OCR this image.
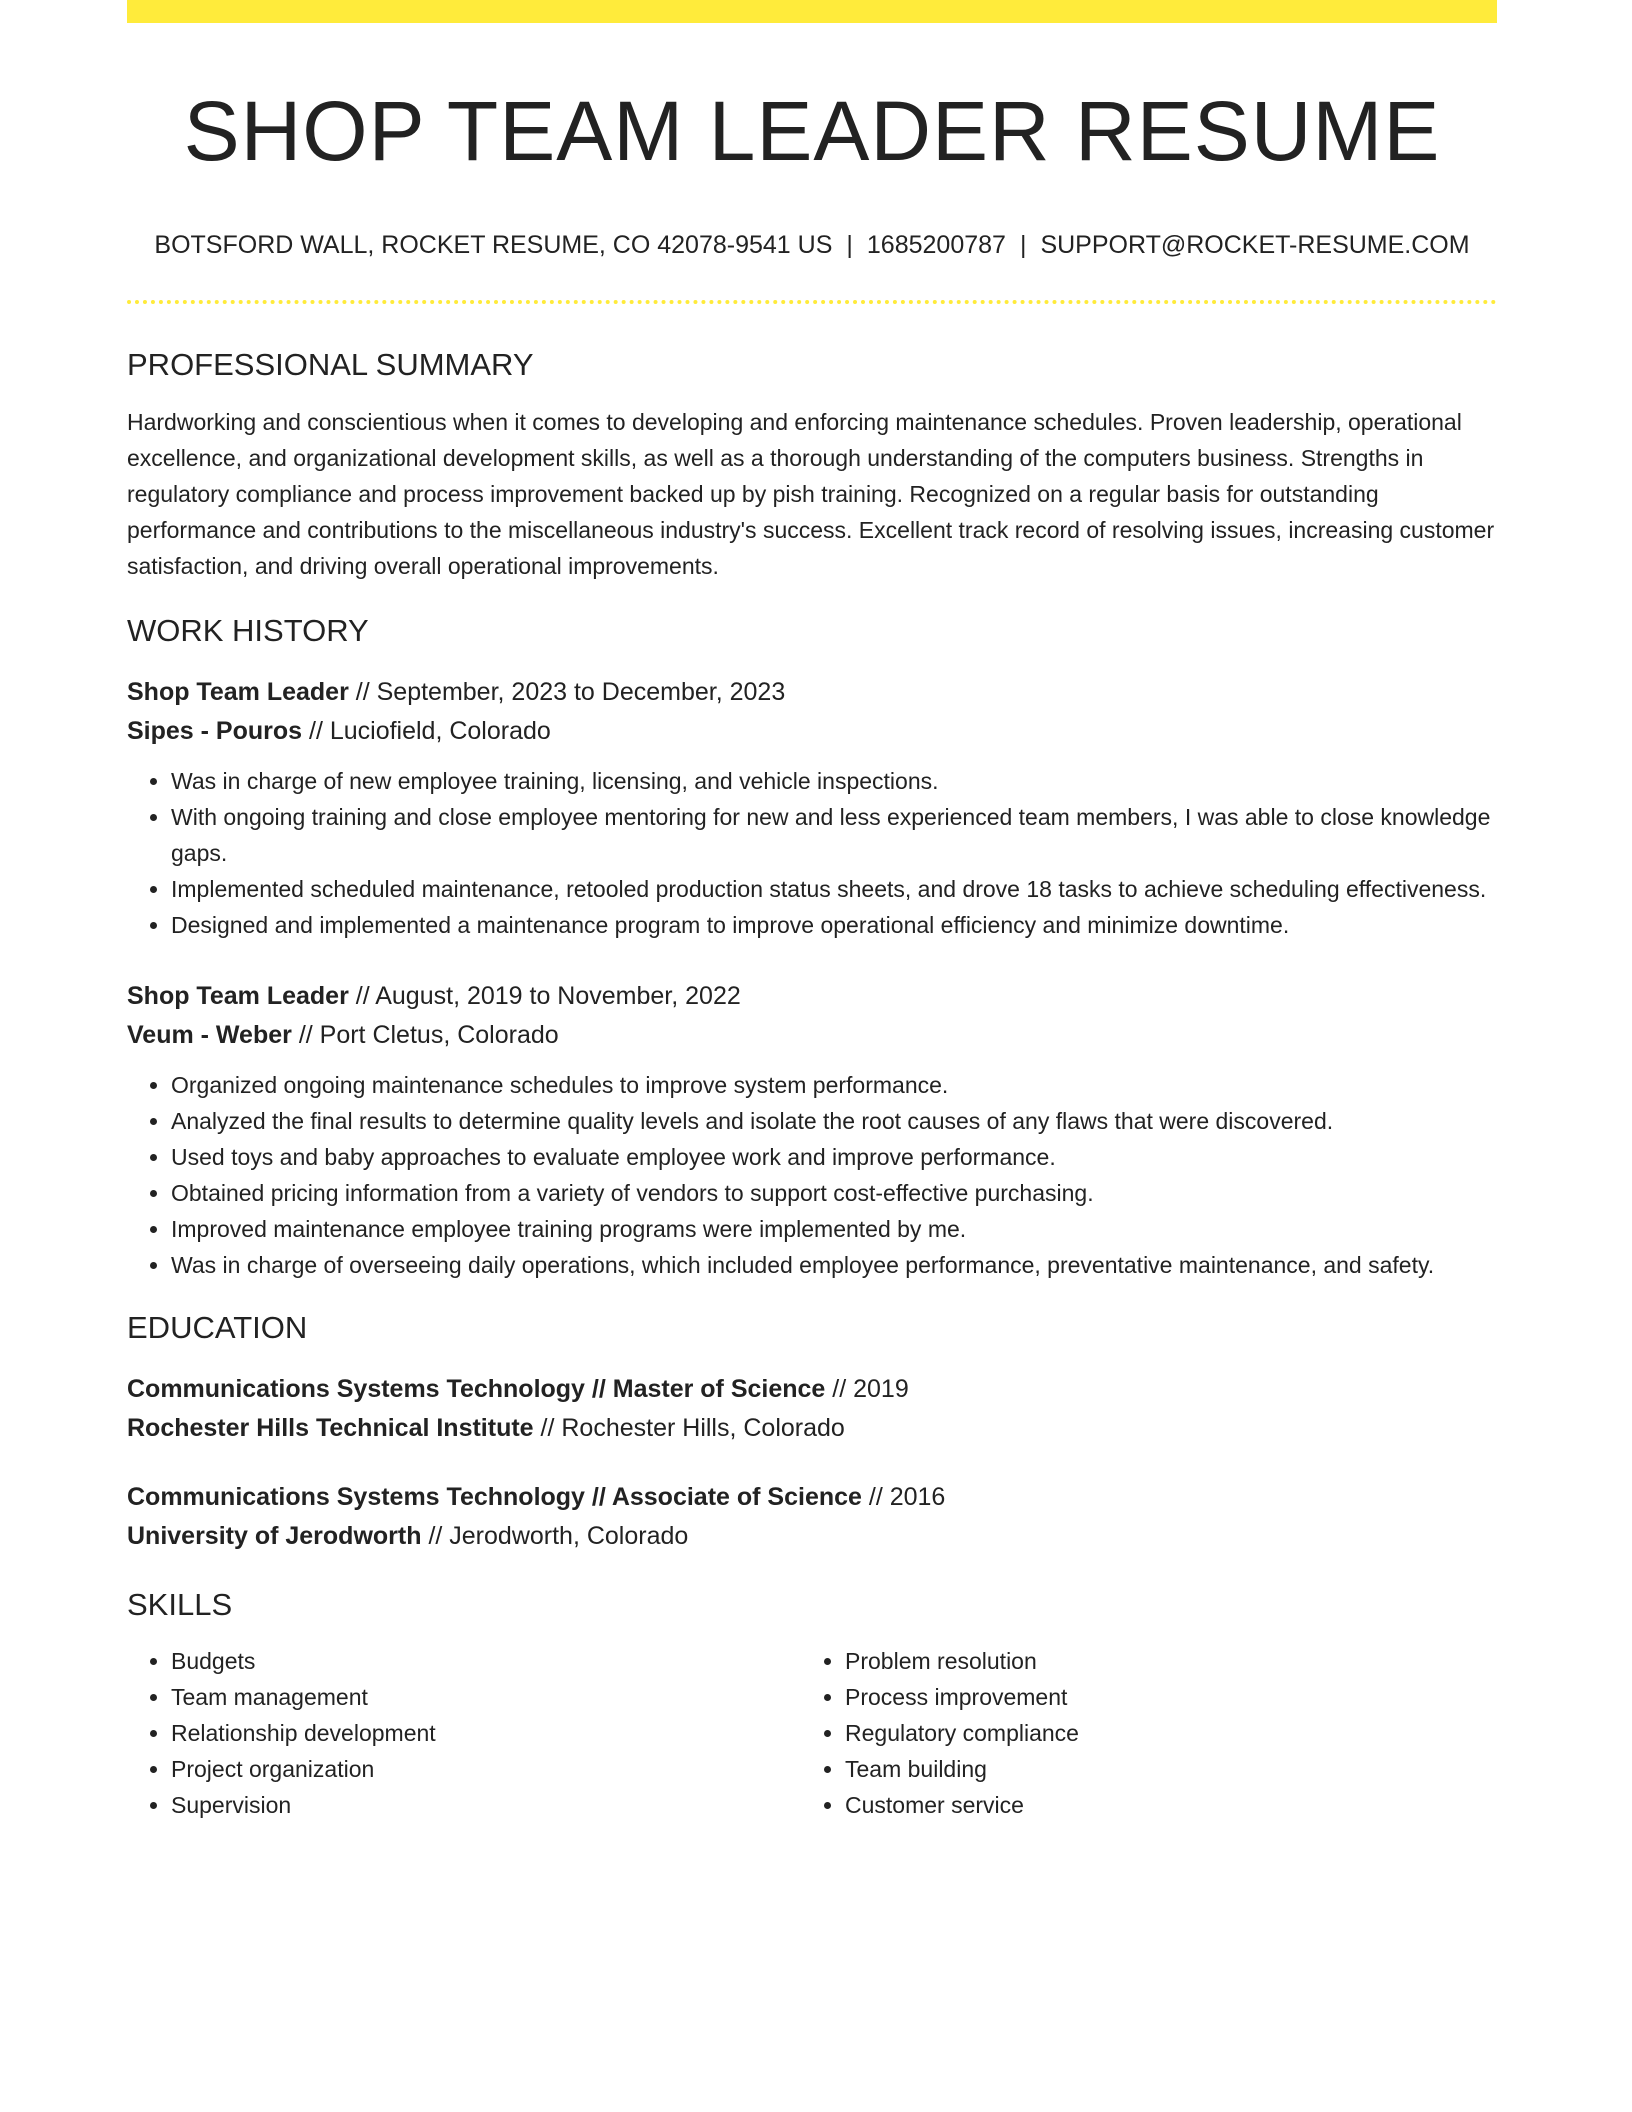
SHOP TEAM LEADER RESUME
BOTSFORD WALL, ROCKET RESUME, CO 42078-9541 US | 1685200787 | SUPPORT@ROCKET-RESUME.COM
PROFESSIONAL SUMMARY
Hardworking and conscientious when it comes to developing and enforcing maintenance schedules. Proven leadership, operational excellence, and organizational development skills, as well as a thorough understanding of the computers business. Strengths in regulatory compliance and process improvement backed up by pish training. Recognized on a regular basis for outstanding performance and contributions to the miscellaneous industry's success. Excellent track record of resolving issues, increasing customer satisfaction, and driving overall operational improvements.
WORK HISTORY
Shop Team Leader // September, 2023 to December, 2023
Sipes - Pouros // Luciofield, Colorado
• Was in charge of new employee training, licensing, and vehicle inspections.
• With ongoing training and close employee mentoring for new and less experienced team members, I was able to close knowledge gaps.
• Implemented scheduled maintenance, retooled production status sheets, and drove 18 tasks to achieve scheduling effectiveness.
• Designed and implemented a maintenance program to improve operational efficiency and minimize downtime.
Shop Team Leader // August, 2019 to November, 2022
Veum - Weber // Port Cletus, Colorado
• Organized ongoing maintenance schedules to improve system performance.
• Analyzed the final results to determine quality levels and isolate the root causes of any flaws that were discovered.
• Used toys and baby approaches to evaluate employee work and improve performance.
• Obtained pricing information from a variety of vendors to support cost-effective purchasing.
• Improved maintenance employee training programs were implemented by me.
• Was in charge of overseeing daily operations, which included employee performance, preventative maintenance, and safety.
EDUCATION
Communications Systems Technology // Master of Science // 2019
Rochester Hills Technical Institute // Rochester Hills, Colorado
Communications Systems Technology // Associate of Science // 2016
University of Jerodworth // Jerodworth, Colorado
SKILLS
• Budgets
• Team management
• Relationship development
• Project organization
• Supervision
• Problem resolution
• Process improvement
• Regulatory compliance
• Team building
• Customer service
